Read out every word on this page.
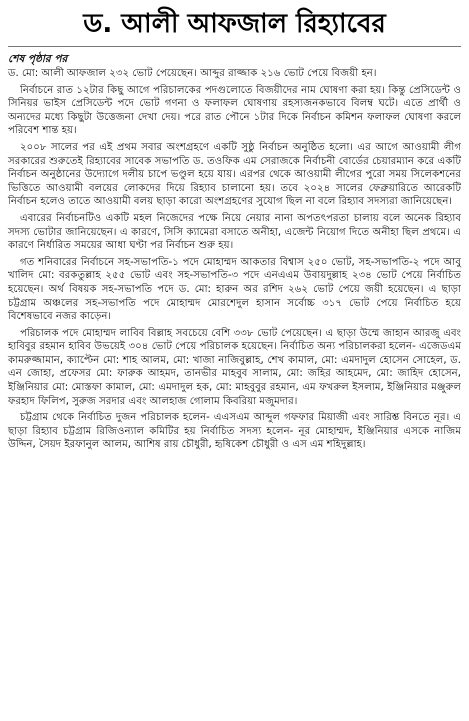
ড. আলী আফজাল রিহ্যাবের
শেষ পৃষ্ঠার পর

ড. মো: আলী আফজাল ২৩২ ভোট পেয়েছেন। আব্দুর রাজ্জাক ২১৬ ভোট পেয়ে বিজয়ী হন।

নির্বাচনে রাত ১২টার কিছু আগে পরিচালকের পদগুলোতে বিজয়ীদের নাম ঘোষণা করা হয়। কিন্তু প্রেসিডেন্ট ও সিনিয়র ভাইস প্রেসিডেন্ট পদে ভোট গণনা ও ফলাফল ঘোষণায় রহস্যজনকভাবে বিলম্ব ঘটে। এতে প্রার্থী ও অন্যদের মধ্যে কিছুটা উত্তেজনা দেখা দেয়। পরে রাত পৌনে ১টার দিকে নির্বাচন কমিশন ফলাফল ঘোষণা করলে পরিবেশ শান্ত হয়।

২০০৮ সালের পর এই প্রথম সবার অংশগ্রহণে একটি সুষ্ঠু নির্বাচন অনুষ্ঠিত হলো। এর আগে আওয়ামী লীগ সরকারের শুরুতেই রিহ্যাবের সাবেক সভাপতি ড. তওফিক এম সেরাজকে নির্বাচনী বোর্ডের চেয়ারম্যান করে একটি নির্বাচন অনুষ্ঠানের উদ্যোগে দলীয় চাপে ভণ্ডুল হয়ে যায়। এরপর থেকে আওয়ামী লীগের পুরো সময় সিলেকশনের ভিত্তিতে আওয়ামী বলয়ের লোকদের দিয়ে রিহ্যাব চালানো হয়। তবে ২০২৪ সালের ফেব্রুয়ারিতে আরেকটি নির্বাচন হলেও তাতে আওয়ামী বলয় ছাড়া কারো অংশগ্রহণের সুযোগ ছিল না বলে রিহ্যাব সদস্যরা জানিয়েছেন।

এবারের নির্বাচনটিও একটি মহল নিজেদের পক্ষে নিয়ে নেয়ার নানা অপতৎপরতা চালায় বলে অনেক রিহ্যাব সদস্য ভোটার জানিয়েছেন। এ কারণে, সিসি ক্যামেরা বসাতে অনীহা, এজেন্ট নিয়োগ দিতে অনীহা ছিল প্রথমে। এ কারণে নির্ধারিত সময়ের আধা ঘণ্টা পর নির্বাচন শুরু হয়।

গত শনিবারের নির্বাচনে সহ-সভাপতি-১ পদে মোহাম্মদ আকতার বিশ্বাস ২৫০ ভোট, সহ-সভাপতি-২ পদে আবু খালিদ মো: বরকতুল্লাহ ২৫৫ ভোট এবং সহ-সভাপতি-৩ পদে এনএএম উবায়দুল্লাহ ২৩৪ ভোট পেয়ে নির্বাচিত হয়েছেন। অর্থ বিষয়ক সহ-সভাপতি পদে ড. মো: হারুন অর রশিদ ২৬২ ভোট পেয়ে জয়ী হয়েছেন। এ ছাড়া চট্টগ্রাম অঞ্চলের সহ-সভাপতি পদে মোহাম্মদ মোরশেদুল হাসান সর্বোচ্চ ৩১৭ ভোট পেয়ে নির্বাচিত হয়ে বিশেষভাবে নজর কাড়েন।

পরিচালক পদে মোহাম্মদ লাবিব বিল্লাহ সবচেয়ে বেশি ৩৩৮ ভোট পেয়েছেন। এ ছাড়া উম্মে জাহান আরজু এবং হাবিবুর রহমান হাবিব উভয়েই ৩০৪ ভোট পেয়ে পরিচালক হয়েছেন। নির্বাচিত অন্য পরিচালকরা হলেন- এজেডএম কামরুজ্জামান, ক্যাপ্টেন মো: শাহ আলম, মো: খাজা নাজিবুল্লাহ, শেখ কামাল, মো: এমদাদুল হোসেন সোহেল, ড. এন জোহা, প্রফেসর মো: ফারুক আহমদ, তানভীর মাহবুব সালাম, মো: জহির আহমেদ, মো: জাহিদ হোসেন, ইঞ্জিনিয়ার মো: মোস্তফা কামাল, মো: এমদাদুল হক, মো: মাহবুবুর রহমান, এম ফখরুল ইসলাম, ইঞ্জিনিয়ার মঞ্জুরুল ফরহাদ ফিলিপ, সুরুজ সরদার এবং আলহাজ গোলাম কিবরিয়া মজুমদার।

চট্টগ্রাম থেকে নির্বাচিত দুজন পরিচালক হলেন- এএসএম আব্দুল গফফার মিয়াজী এবং সারিশ্ত বিনতে নূর। এ ছাড়া রিহ্যাব চট্টগ্রাম রিজিওন্যাল কমিটির হয় নির্বাচিত সদস্য হলেন- নূর মোহাম্মদ, ইঞ্জিনিয়ার এসকে নাজিম উদ্দিন, সৈয়দ ইরফানুল আলম, আশিষ রায় চৌধুরী, হৃষিকেশ চৌধুরী ও এস এম শহিদুল্লাহ।
